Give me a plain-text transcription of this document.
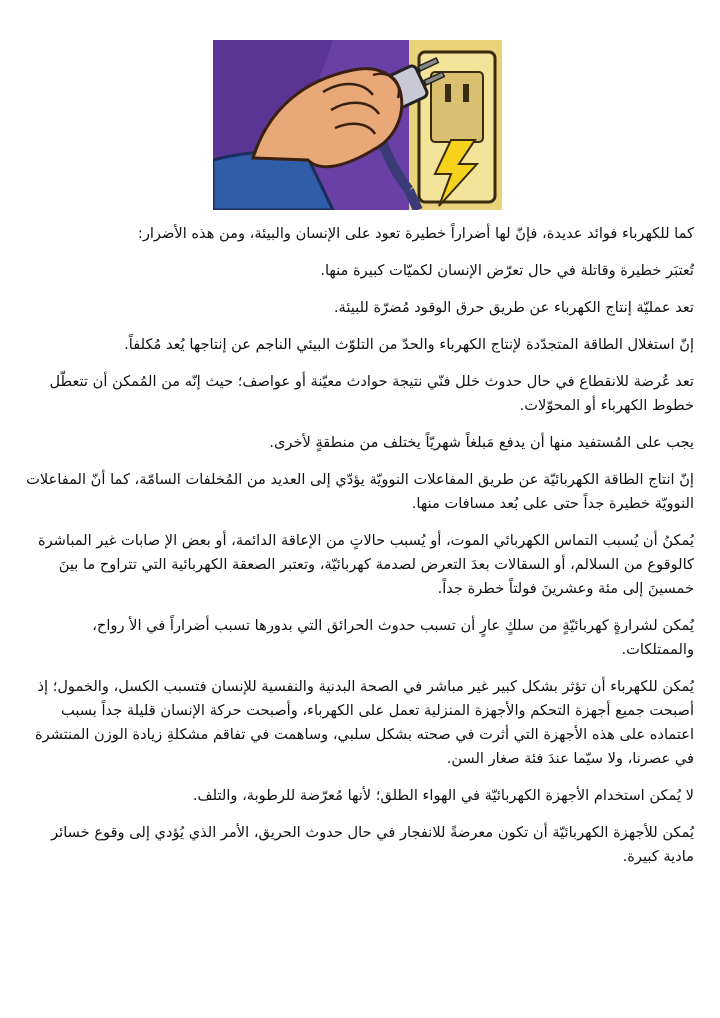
كما للكهرباء فوائد عديدة، فإنّ لها أضراراً خطيرة تعود على الإنسان والبيئة، ومن هذه الأضرار:

تُعتبَر خطيرة وقاتلة في حال تعرّض الإنسان لكميّات كبيرة منها.

تعد عمليّة إنتاج الكهرباء عن طريق حرق الوقود مُضرّة للبيئة.

إنّ استغلال الطاقة المتجدّدة لإنتاج الكهرباء والحدّ من التلوّث البيئي الناجم عن إنتاجها يُعد مُكلفاً.

تعد عُرضة للانقطاع في حال حدوث خلل فنّي نتيجة حوادث معيّنة أو عواصف؛ حيث إنّه من المُمكن أن تتعطّل خطوط الكهرباء أو المحوّلات.

يجب على المُستفيد منها أن يدفع مَبلغاً شهريّاً يختلف من منطقةٍ لأخرى.

إنّ انتاج الطاقة الكهربائيّة عن طريق المفاعلات النوويّة يؤدّي إلى العديد من المُخلفات السامّة، كما أنّ المفاعلات النوويّة خطيرة جداً حتى على بُعد مسافات منها.

يُمكنُ أن يُسبب التماس الكهربائي الموت، أو يُسبب حالاتٍ من الإعاقة الدائمة، أو بعض الإ صابات غير المباشرة كالوقوع من السلالم، أو السقالات بعدَ التعرض لصدمة كهربائيّة، وتعتبر الصعقة الكهربائية التي تتراوح ما بينَ خمسينَ إلى مئة وعشرينَ فولتاً خطرة جداً.

يُمكن لشرارةٍ كهربائيّةٍ من سلكٍ عارٍ أن تسبب حدوث الحرائق التي بدورها تسبب أضراراً في الأ رواح، والممتلكات.

يُمكن للكهرباء أن تؤثر بشكل كبير غير مباشر في الصحة البدنية والنفسية للإنسان فتسبب الكسل، والخمول؛ إذ أصبحت جميع أجهزة التحكم والأجهزة المنزلية تعمل على الكهرباء، وأصبحت حركة الإنسان قليلة جداً بسبب اعتماده على هذه الأجهزة التي أثرت في صحته بشكل سلبي، وساهمت في تفاقم مشكلةِ زيادة الوزن المنتشرة في عصرنا، ولا سيّما عندَ فئة صغار السن.

لا يُمكن استخدام الأجهزة الكهربائيّة في الهواء الطلق؛ لأنها مُعرّضة للرطوبة، والتلف.

يُمكن للأجهزة الكهربائيّة أن تكون معرضةً للانفجار في حال حدوث الحريق، الأمر الذي يُؤدي إلى وقوع خسائر مادية كبيرة.
